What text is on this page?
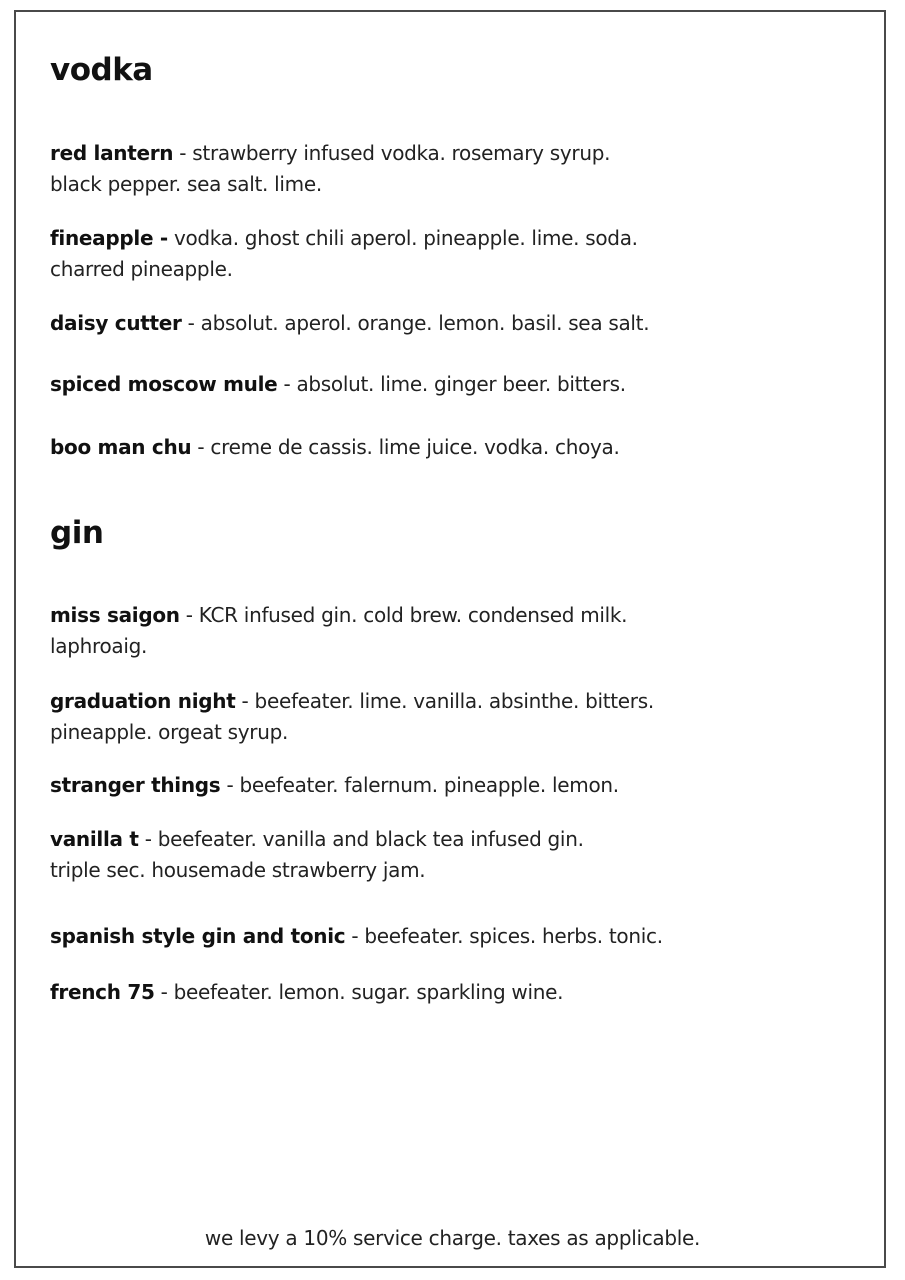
vodka
red lantern - strawberry infused vodka. rosemary syrup.
black pepper. sea salt. lime.
fineapple - vodka. ghost chili aperol. pineapple. lime. soda.
charred pineapple.
daisy cutter - absolut. aperol. orange. lemon. basil. sea salt.
spiced moscow mule - absolut. lime. ginger beer. bitters.
boo man chu - creme de cassis. lime juice. vodka. choya.
gin
miss saigon - KCR infused gin. cold brew. condensed milk.
laphroaig.
graduation night - beefeater. lime. vanilla. absinthe. bitters.
pineapple. orgeat syrup.
stranger things - beefeater. falernum. pineapple. lemon.
vanilla t - beefeater. vanilla and black tea infused gin.
triple sec. housemade strawberry jam.
spanish style gin and tonic - beefeater. spices. herbs. tonic.
french 75 - beefeater. lemon. sugar. sparkling wine.
we levy a 10% service charge. taxes as applicable.
